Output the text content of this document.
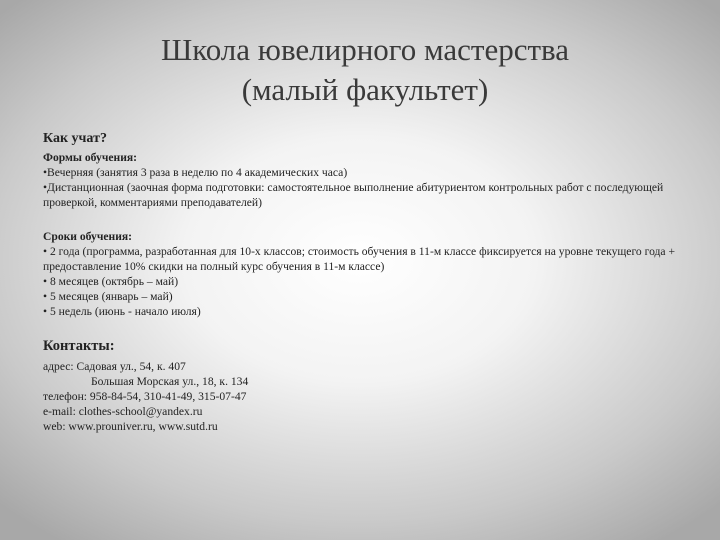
Школа ювелирного мастерства
(малый факультет)
Как учат?
Формы обучения:
•Вечерняя (занятия 3 раза в неделю по 4 академических часа)
•Дистанционная (заочная форма подготовки: самостоятельное выполнение абитуриентом контрольных работ с последующей проверкой, комментариями преподавателей)
Сроки обучения:
• 2 года (программа, разработанная для 10-х классов; стоимость обучения в 11-м классе фиксируется на уровне текущего года + предоставление 10% скидки на полный курс обучения в 11-м классе)
• 8 месяцев (октябрь – май)
• 5 месяцев (январь – май)
• 5 недель (июнь - начало июля)
Контакты:
адрес: Садовая ул., 54, к. 407
Большая Морская ул., 18, к. 134
телефон: 958-84-54, 310-41-49, 315-07-47
e-mail: clothes-school@yandex.ru
web: www.prouniver.ru, www.sutd.ru
